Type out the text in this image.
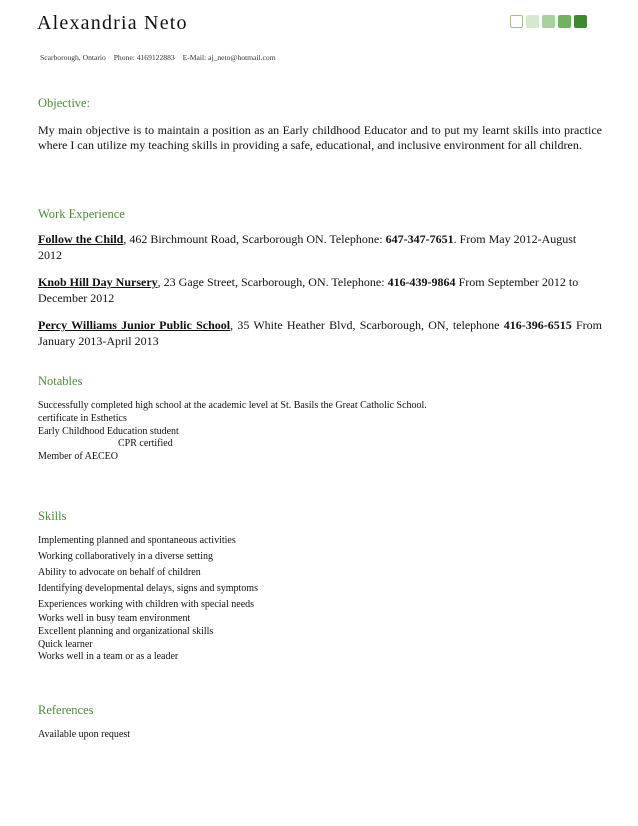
Alexandria Neto
Scarborough, Ontario Phone: 4169122883 E-Mail: aj_neto@hotmail.com
Objective:
My main objective is to maintain a position as an Early childhood Educator and to put my learnt skills into practice where I can utilize my teaching skills in providing a safe, educational, and inclusive environment for all children.
Work Experience
Follow the Child, 462 Birchmount Road, Scarborough ON. Telephone: 647-347-7651. From May 2012-August 2012
Knob Hill Day Nursery, 23 Gage Street, Scarborough, ON. Telephone: 416-439-9864 From September 2012 to December 2012
Percy Williams Junior Public School, 35 White Heather Blvd, Scarborough, ON, telephone 416-396-6515 From January 2013-April 2013
Notables
Successfully completed high school at the academic level at St. Basils the Great Catholic School.
certificate in Esthetics
Early Childhood Education student
CPR certified
Member of AECEO
Skills
Implementing planned and spontaneous activities
Working collaboratively in a diverse setting
Ability to advocate on behalf of children
Identifying developmental delays, signs and symptoms
Experiences working with children with special needs
Works well in busy team environment
Excellent planning and organizational skills
Quick learner
Works well in a team or as a leader
References
Available upon request
